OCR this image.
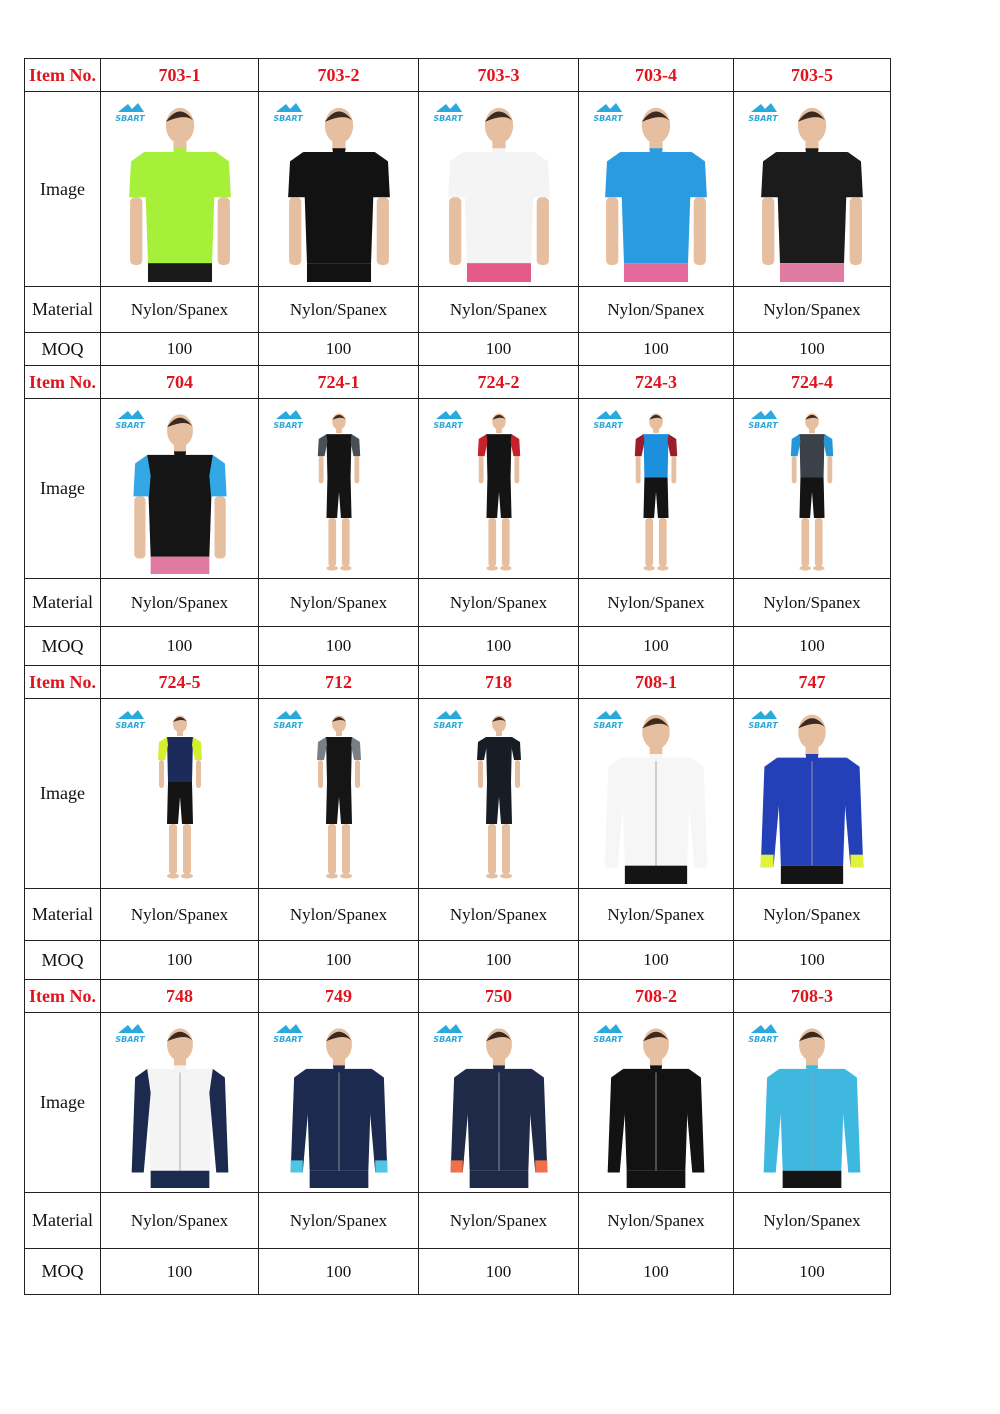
Item No.	703-1	703-2	703-3	703-4	703-5
Image	SBART	SBART	SBART	SBART	SBART

Material	Nylon/Spanex	Nylon/Spanex	Nylon/Spanex	Nylon/Spanex	Nylon/Spanex
MOQ	100	100	100	100	100
Item No.	704	724-1	724-2	724-3	724-4
Image	SBART	SBART	SBART	SBART	SBART

Material	Nylon/Spanex	Nylon/Spanex	Nylon/Spanex	Nylon/Spanex	Nylon/Spanex
MOQ	100	100	100	100	100
Item No.	724-5	712	718	708-1	747
Image	SBART	SBART	SBART	SBART	SBART

Material	Nylon/Spanex	Nylon/Spanex	Nylon/Spanex	Nylon/Spanex	Nylon/Spanex
MOQ	100	100	100	100	100
Item No.	748	749	750	708-2	708-3
Image	SBART	SBART	SBART	SBART	SBART

Material	Nylon/Spanex	Nylon/Spanex	Nylon/Spanex	Nylon/Spanex	Nylon/Spanex
MOQ	100	100	100	100	100
